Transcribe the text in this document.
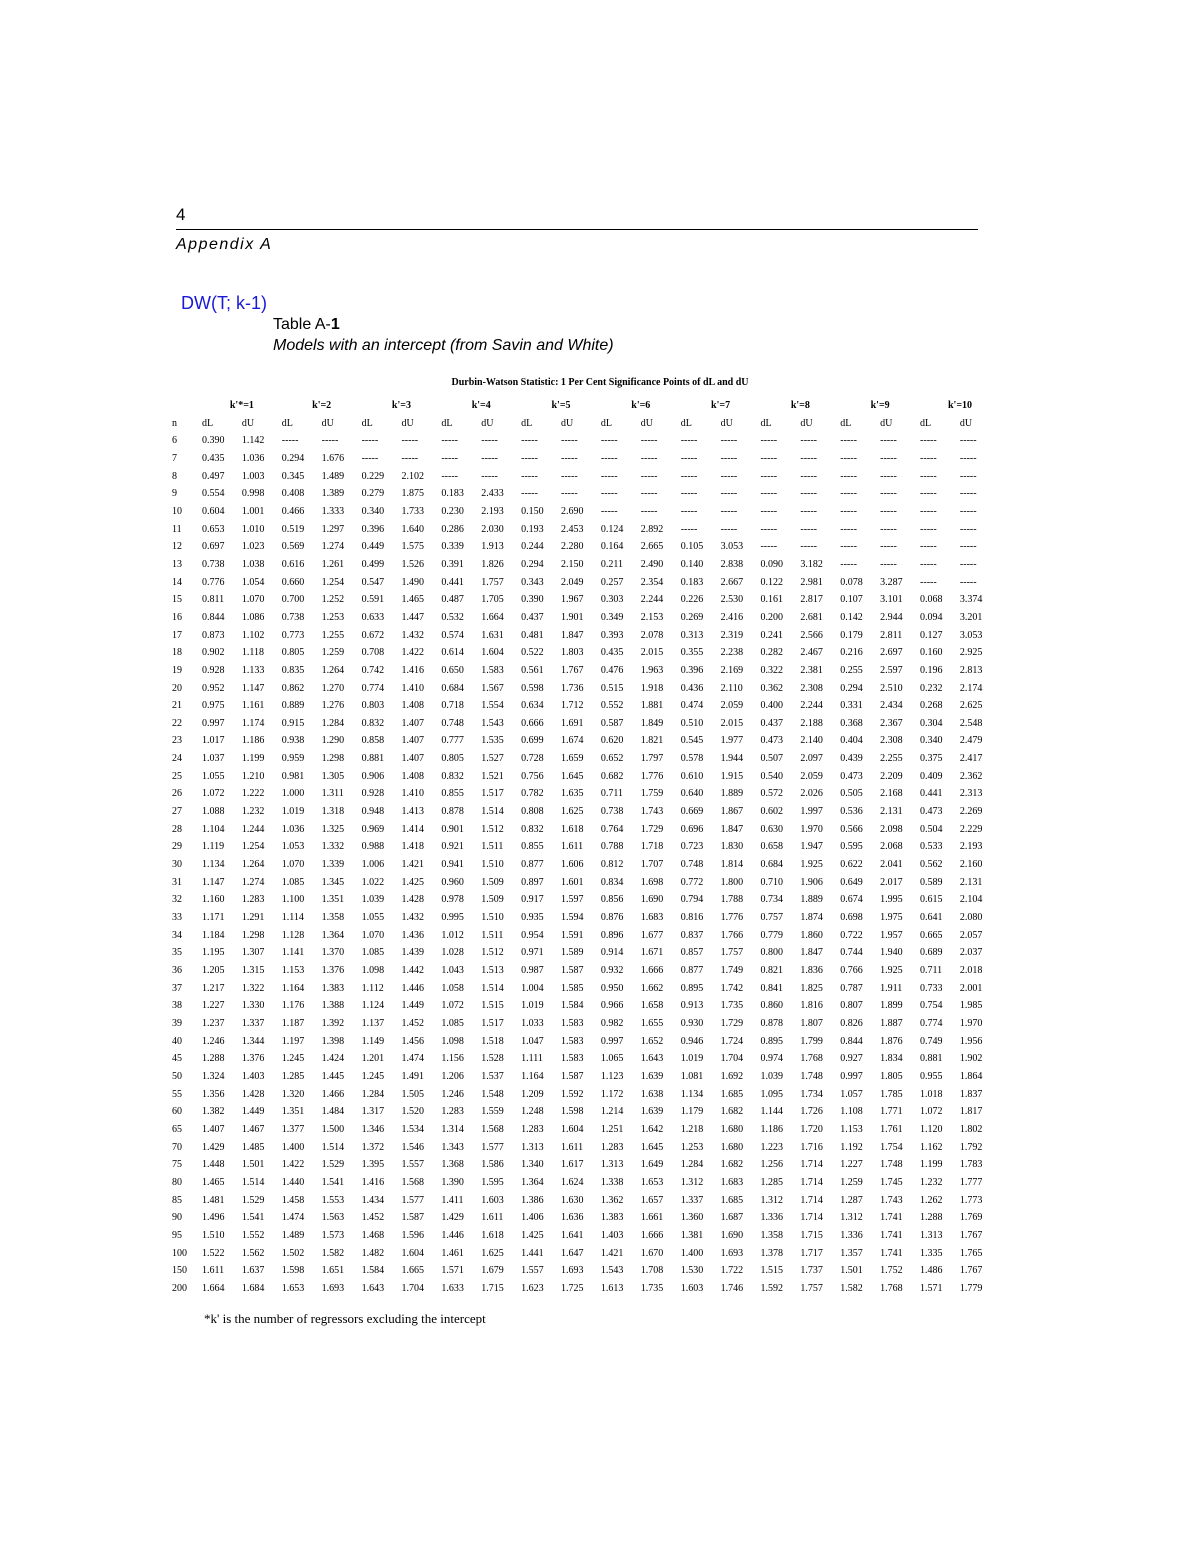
4
Appendix A
DW(T; k-1)
Table A-1
Models with an intercept (from Savin and White)
Durbin-Watson Statistic: 1 Per Cent Significance Points of dL and dU
	k'*=1		k'=2		k'=3		k'=4		k'=5		k'=6		k'=7		k'=8		k'=9		k'=10	
n	dL	dU	dL	dU	dL	dU	dL	dU	dL	dU	dL	dU	dL	dU	dL	dU	dL	dU	dL	dU
6	0.390	1.142	-----	-----	-----	-----	-----	-----	-----	-----	-----	-----	-----	-----	-----	-----	-----	-----	-----	-----
7	0.435	1.036	0.294	1.676	-----	-----	-----	-----	-----	-----	-----	-----	-----	-----	-----	-----	-----	-----	-----	-----
8	0.497	1.003	0.345	1.489	0.229	2.102	-----	-----	-----	-----	-----	-----	-----	-----	-----	-----	-----	-----	-----	-----
9	0.554	0.998	0.408	1.389	0.279	1.875	0.183	2.433	-----	-----	-----	-----	-----	-----	-----	-----	-----	-----	-----	-----
10	0.604	1.001	0.466	1.333	0.340	1.733	0.230	2.193	0.150	2.690	-----	-----	-----	-----	-----	-----	-----	-----	-----	-----
11	0.653	1.010	0.519	1.297	0.396	1.640	0.286	2.030	0.193	2.453	0.124	2.892	-----	-----	-----	-----	-----	-----	-----	-----
12	0.697	1.023	0.569	1.274	0.449	1.575	0.339	1.913	0.244	2.280	0.164	2.665	0.105	3.053	-----	-----	-----	-----	-----	-----
13	0.738	1.038	0.616	1.261	0.499	1.526	0.391	1.826	0.294	2.150	0.211	2.490	0.140	2.838	0.090	3.182	-----	-----	-----	-----
14	0.776	1.054	0.660	1.254	0.547	1.490	0.441	1.757	0.343	2.049	0.257	2.354	0.183	2.667	0.122	2.981	0.078	3.287	-----	-----
15	0.811	1.070	0.700	1.252	0.591	1.465	0.487	1.705	0.390	1.967	0.303	2.244	0.226	2.530	0.161	2.817	0.107	3.101	0.068	3.374
16	0.844	1.086	0.738	1.253	0.633	1.447	0.532	1.664	0.437	1.901	0.349	2.153	0.269	2.416	0.200	2.681	0.142	2.944	0.094	3.201
17	0.873	1.102	0.773	1.255	0.672	1.432	0.574	1.631	0.481	1.847	0.393	2.078	0.313	2.319	0.241	2.566	0.179	2.811	0.127	3.053
18	0.902	1.118	0.805	1.259	0.708	1.422	0.614	1.604	0.522	1.803	0.435	2.015	0.355	2.238	0.282	2.467	0.216	2.697	0.160	2.925
19	0.928	1.133	0.835	1.264	0.742	1.416	0.650	1.583	0.561	1.767	0.476	1.963	0.396	2.169	0.322	2.381	0.255	2.597	0.196	2.813
20	0.952	1.147	0.862	1.270	0.774	1.410	0.684	1.567	0.598	1.736	0.515	1.918	0.436	2.110	0.362	2.308	0.294	2.510	0.232	2.174
21	0.975	1.161	0.889	1.276	0.803	1.408	0.718	1.554	0.634	1.712	0.552	1.881	0.474	2.059	0.400	2.244	0.331	2.434	0.268	2.625
22	0.997	1.174	0.915	1.284	0.832	1.407	0.748	1.543	0.666	1.691	0.587	1.849	0.510	2.015	0.437	2.188	0.368	2.367	0.304	2.548
23	1.017	1.186	0.938	1.290	0.858	1.407	0.777	1.535	0.699	1.674	0.620	1.821	0.545	1.977	0.473	2.140	0.404	2.308	0.340	2.479
24	1.037	1.199	0.959	1.298	0.881	1.407	0.805	1.527	0.728	1.659	0.652	1.797	0.578	1.944	0.507	2.097	0.439	2.255	0.375	2.417
25	1.055	1.210	0.981	1.305	0.906	1.408	0.832	1.521	0.756	1.645	0.682	1.776	0.610	1.915	0.540	2.059	0.473	2.209	0.409	2.362
26	1.072	1.222	1.000	1.311	0.928	1.410	0.855	1.517	0.782	1.635	0.711	1.759	0.640	1.889	0.572	2.026	0.505	2.168	0.441	2.313
27	1.088	1.232	1.019	1.318	0.948	1.413	0.878	1.514	0.808	1.625	0.738	1.743	0.669	1.867	0.602	1.997	0.536	2.131	0.473	2.269
28	1.104	1.244	1.036	1.325	0.969	1.414	0.901	1.512	0.832	1.618	0.764	1.729	0.696	1.847	0.630	1.970	0.566	2.098	0.504	2.229
29	1.119	1.254	1.053	1.332	0.988	1.418	0.921	1.511	0.855	1.611	0.788	1.718	0.723	1.830	0.658	1.947	0.595	2.068	0.533	2.193
30	1.134	1.264	1.070	1.339	1.006	1.421	0.941	1.510	0.877	1.606	0.812	1.707	0.748	1.814	0.684	1.925	0.622	2.041	0.562	2.160
31	1.147	1.274	1.085	1.345	1.022	1.425	0.960	1.509	0.897	1.601	0.834	1.698	0.772	1.800	0.710	1.906	0.649	2.017	0.589	2.131
32	1.160	1.283	1.100	1.351	1.039	1.428	0.978	1.509	0.917	1.597	0.856	1.690	0.794	1.788	0.734	1.889	0.674	1.995	0.615	2.104
33	1.171	1.291	1.114	1.358	1.055	1.432	0.995	1.510	0.935	1.594	0.876	1.683	0.816	1.776	0.757	1.874	0.698	1.975	0.641	2.080
34	1.184	1.298	1.128	1.364	1.070	1.436	1.012	1.511	0.954	1.591	0.896	1.677	0.837	1.766	0.779	1.860	0.722	1.957	0.665	2.057
35	1.195	1.307	1.141	1.370	1.085	1.439	1.028	1.512	0.971	1.589	0.914	1.671	0.857	1.757	0.800	1.847	0.744	1.940	0.689	2.037
36	1.205	1.315	1.153	1.376	1.098	1.442	1.043	1.513	0.987	1.587	0.932	1.666	0.877	1.749	0.821	1.836	0.766	1.925	0.711	2.018
37	1.217	1.322	1.164	1.383	1.112	1.446	1.058	1.514	1.004	1.585	0.950	1.662	0.895	1.742	0.841	1.825	0.787	1.911	0.733	2.001
38	1.227	1.330	1.176	1.388	1.124	1.449	1.072	1.515	1.019	1.584	0.966	1.658	0.913	1.735	0.860	1.816	0.807	1.899	0.754	1.985
39	1.237	1.337	1.187	1.392	1.137	1.452	1.085	1.517	1.033	1.583	0.982	1.655	0.930	1.729	0.878	1.807	0.826	1.887	0.774	1.970
40	1.246	1.344	1.197	1.398	1.149	1.456	1.098	1.518	1.047	1.583	0.997	1.652	0.946	1.724	0.895	1.799	0.844	1.876	0.749	1.956
45	1.288	1.376	1.245	1.424	1.201	1.474	1.156	1.528	1.111	1.583	1.065	1.643	1.019	1.704	0.974	1.768	0.927	1.834	0.881	1.902
50	1.324	1.403	1.285	1.445	1.245	1.491	1.206	1.537	1.164	1.587	1.123	1.639	1.081	1.692	1.039	1.748	0.997	1.805	0.955	1.864
55	1.356	1.428	1.320	1.466	1.284	1.505	1.246	1.548	1.209	1.592	1.172	1.638	1.134	1.685	1.095	1.734	1.057	1.785	1.018	1.837
60	1.382	1.449	1.351	1.484	1.317	1.520	1.283	1.559	1.248	1.598	1.214	1.639	1.179	1.682	1.144	1.726	1.108	1.771	1.072	1.817
65	1.407	1.467	1.377	1.500	1.346	1.534	1.314	1.568	1.283	1.604	1.251	1.642	1.218	1.680	1.186	1.720	1.153	1.761	1.120	1.802
70	1.429	1.485	1.400	1.514	1.372	1.546	1.343	1.577	1.313	1.611	1.283	1.645	1.253	1.680	1.223	1.716	1.192	1.754	1.162	1.792
75	1.448	1.501	1.422	1.529	1.395	1.557	1.368	1.586	1.340	1.617	1.313	1.649	1.284	1.682	1.256	1.714	1.227	1.748	1.199	1.783
80	1.465	1.514	1.440	1.541	1.416	1.568	1.390	1.595	1.364	1.624	1.338	1.653	1.312	1.683	1.285	1.714	1.259	1.745	1.232	1.777
85	1.481	1.529	1.458	1.553	1.434	1.577	1.411	1.603	1.386	1.630	1.362	1.657	1.337	1.685	1.312	1.714	1.287	1.743	1.262	1.773
90	1.496	1.541	1.474	1.563	1.452	1.587	1.429	1.611	1.406	1.636	1.383	1.661	1.360	1.687	1.336	1.714	1.312	1.741	1.288	1.769
95	1.510	1.552	1.489	1.573	1.468	1.596	1.446	1.618	1.425	1.641	1.403	1.666	1.381	1.690	1.358	1.715	1.336	1.741	1.313	1.767
100	1.522	1.562	1.502	1.582	1.482	1.604	1.461	1.625	1.441	1.647	1.421	1.670	1.400	1.693	1.378	1.717	1.357	1.741	1.335	1.765
150	1.611	1.637	1.598	1.651	1.584	1.665	1.571	1.679	1.557	1.693	1.543	1.708	1.530	1.722	1.515	1.737	1.501	1.752	1.486	1.767
200	1.664	1.684	1.653	1.693	1.643	1.704	1.633	1.715	1.623	1.725	1.613	1.735	1.603	1.746	1.592	1.757	1.582	1.768	1.571	1.779
*k' is the number of regressors excluding the intercept
